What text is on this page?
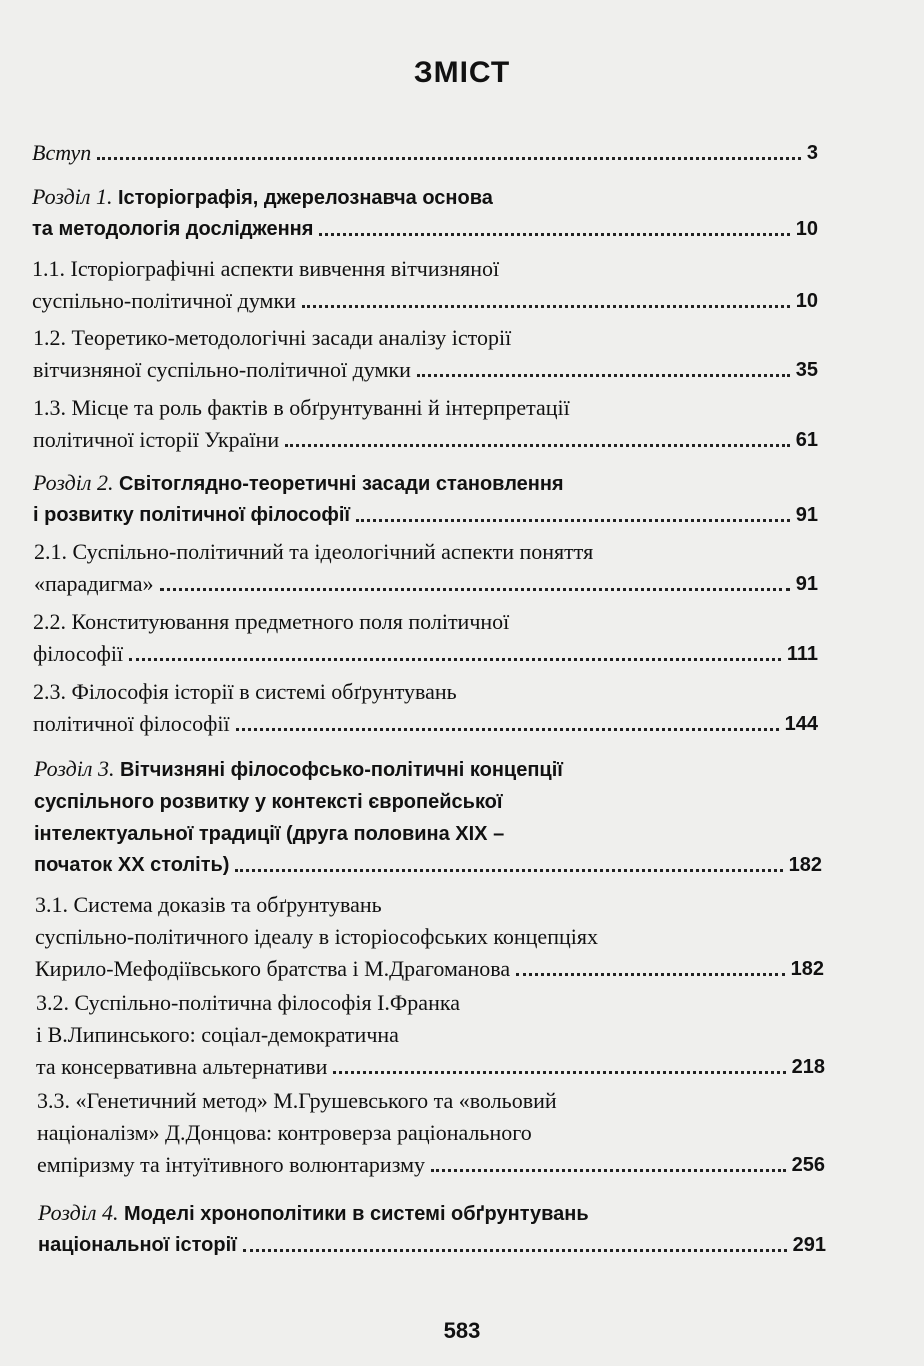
ЗМІСТ
Вступ	3
Розділ 1. Історіографія, джерелознавча основа
та методологія дослідження	10
1.1. Історіографічні аспекти вивчення вітчизняної
суспільно-політичної думки	10
1.2. Теоретико-методологічні засади аналізу історії
вітчизняної суспільно-політичної думки	35
1.3. Місце та роль фактів в обґрунтуванні й інтерпретації
політичної історії України	61
Розділ 2. Світоглядно-теоретичні засади становлення
і розвитку політичної філософії	91
2.1. Суспільно-політичний та ідеологічний аспекти поняття
«парадигма»	91
2.2. Конституювання предметного поля політичної
філософії	111
2.3. Філософія історії в системі обґрунтувань
політичної філософії	144
Розділ 3. Вітчизняні філософсько-політичні концепції
суспільного розвитку у контексті європейської
інтелектуальної традиції (друга половина XIX –
початок XX століть)	182
3.1. Система доказів та обґрунтувань
суспільно-політичного ідеалу в історіософських концепціях
Кирило-Мефодіївського братства і М.Драгоманова	182
3.2. Суспільно-політична філософія І.Франка
і В.Липинського: соціал-демократична
та консервативна альтернативи	218
3.3. «Генетичний метод» М.Грушевського та «вольовий
націоналізм» Д.Донцова: контроверза раціонального
емпіризму та інтуїтивного волюнтаризму	256
Розділ 4. Моделі хронополітики в системі обґрунтувань
національної історії	291
583
